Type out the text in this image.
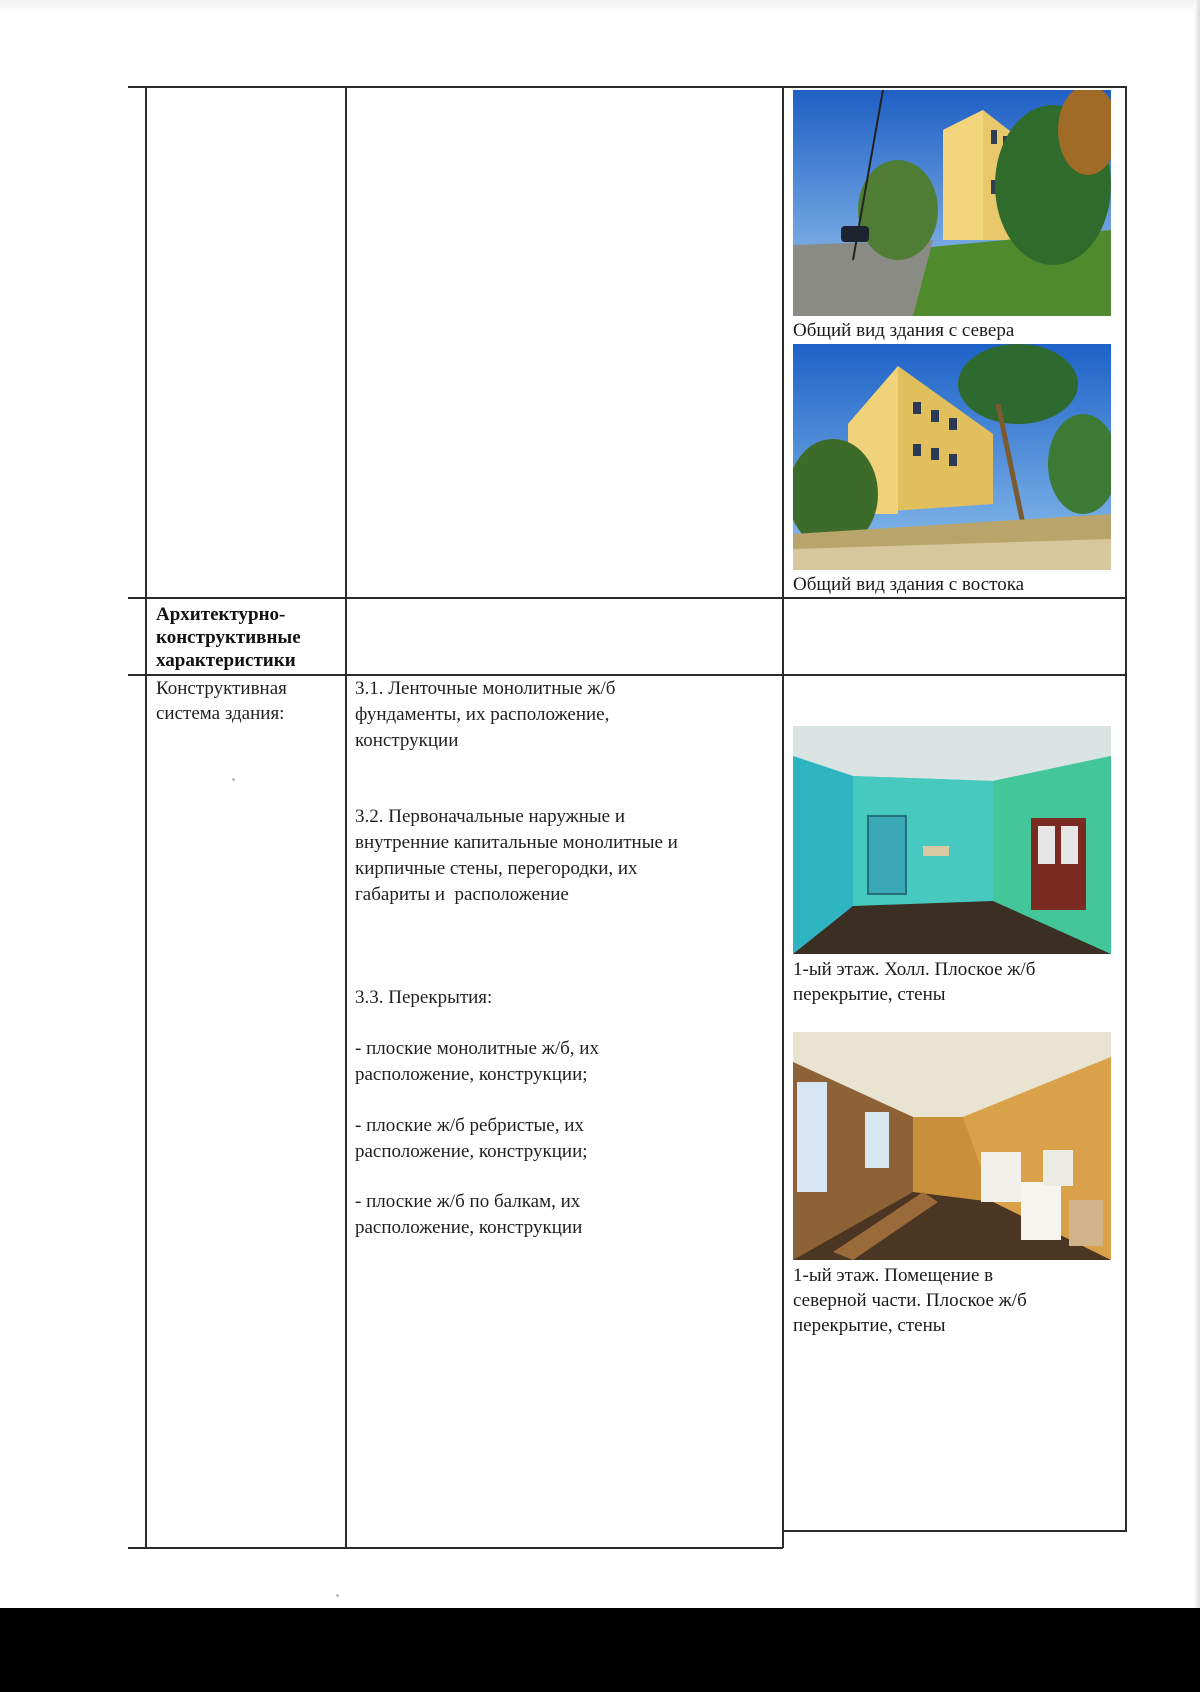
Общий вид здания с севера
Общий вид здания с востока
Архитектурно-
конструктивные
характеристики
Конструктивная
система здания:
3.1. Ленточные монолитные ж/б
фундаменты, их расположение,
конструкции
3.2. Первоначальные наружные и
внутренние капитальные монолитные и
кирпичные стены, перегородки, их
габариты и  расположение
3.3. Перекрытия:
- плоские монолитные ж/б, их
расположение, конструкции;
- плоские ж/б ребристые, их
расположение, конструкции;
- плоские ж/б по балкам, их
расположение, конструкции
1-ый этаж. Холл. Плоское ж/б
перекрытие, стены
1-ый этаж. Помещение в
северной части. Плоское ж/б
перекрытие, стены
